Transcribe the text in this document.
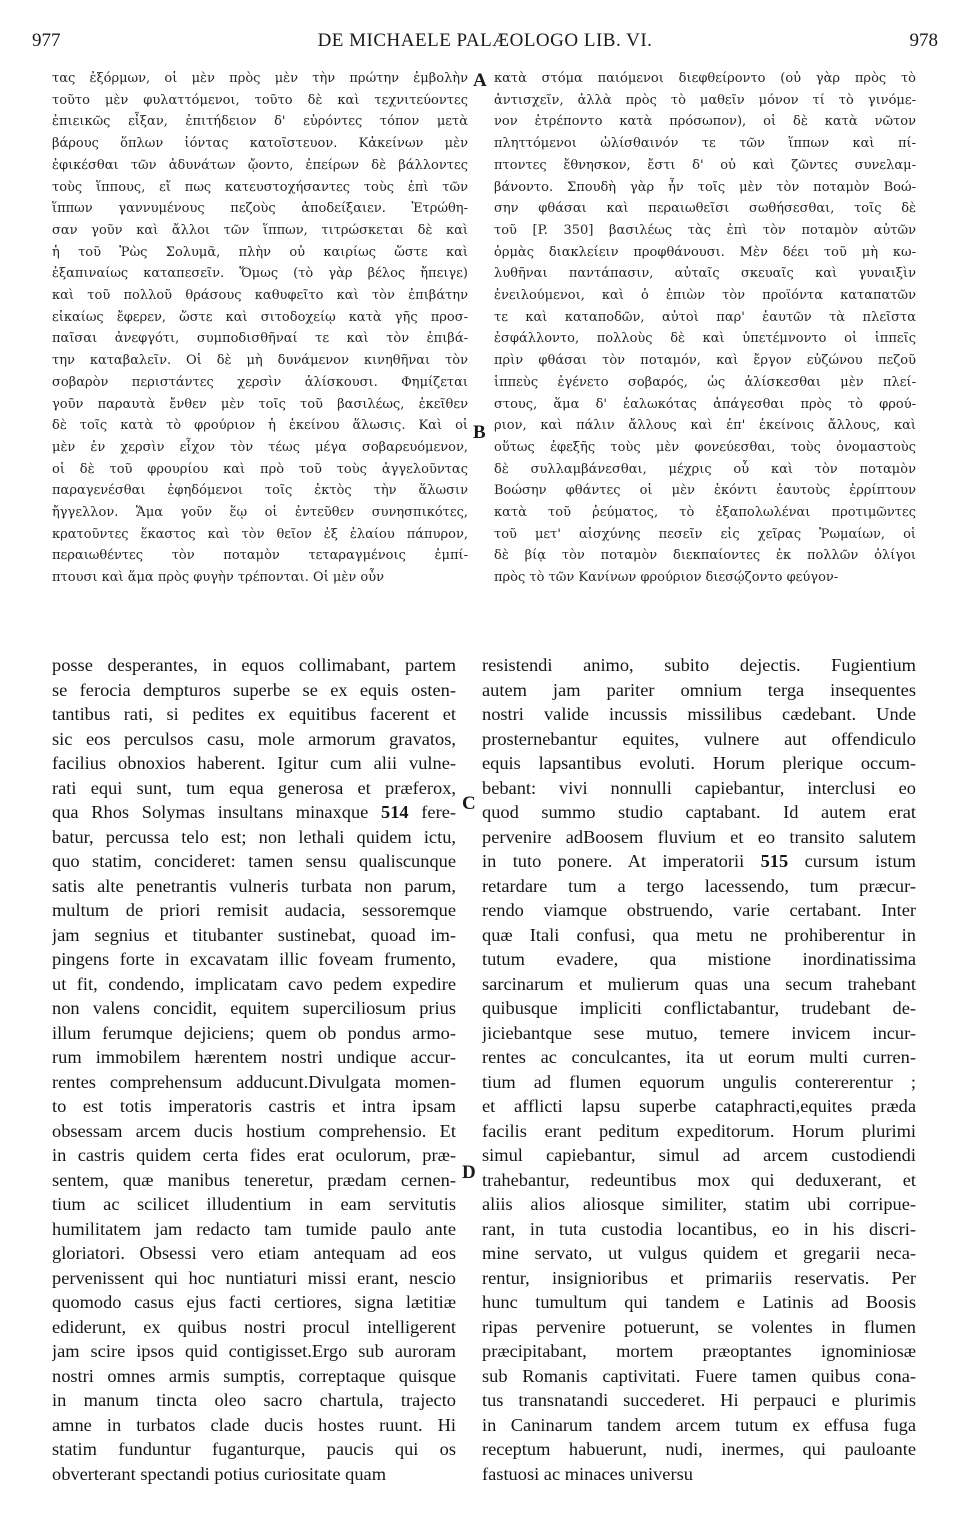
977	DE MICHAELE PALÆOLOGO LIB. VI.	978
τας ἐξόρμων, οἱ μὲν πρὸς μὲν τὴν πρώτην ἐμβολὴν
τοῦτο μὲν φυλαττόμενοι, τοῦτο δὲ καὶ τεχνιτεύοντες
ἐπιεικῶς εἶξαν, ἐπιτήδειον δ' εὑρόντες τόπον μετὰ
βάρους ὅπλων ἰόντας κατοῖστευον. Κἀκείνων μὲν
ἐφικέσθαι τῶν ἀδυνάτων ᾤοντο, ἐπείρων δὲ βάλλοντες
τοὺς ἵππους, εἴ πως κατευστοχήσαντες τοὺς ἐπὶ τῶν
ἵππων γαννυμένους πεζοὺς ἀποδείξαιεν. Ἐτρώθη-
σαν γοῦν καὶ ἄλλοι τῶν ἵππων, τιτρώσκεται δὲ καὶ
ἡ τοῦ Ῥὼς Σολυμᾶ, πλὴν οὐ καιρίως ὥστε καὶ
ἐξαπιναίως καταπεσεῖν. Ὅμως (τὸ γὰρ βέλος ἤπειγε)
καὶ τοῦ πολλοῦ θράσους καθυφεῖτο καὶ τὸν ἐπιβάτην
εἰκαίως ἔφερεν, ὥστε καὶ σιτοδοχείῳ κατὰ γῆς προσ-
παῖσαι ἀνεφγότι, συμποδισθῆναί τε καὶ τὸν ἐπιβά-
την καταβαλεῖν. Οἱ δὲ μὴ δυνάμενον κινηθῆναι τὸν
σοβαρὸν περιστάντες χερσὶν ἁλίσκουσι. Φημίζεται
γοῦν παραυτὰ ἔνθεν μὲν τοῖς τοῦ βασιλέως, ἐκεῖθεν
δὲ τοῖς κατὰ τὸ φρούριον ἡ ἐκείνου ἅλωσις. Καὶ οἱ
μὲν ἐν χερσὶν εἶχον τὸν τέως μέγα σοβαρευόμενον,
οἱ δὲ τοῦ φρουρίου καὶ πρὸ τοῦ τοὺς ἀγγελοῦντας
παραγενέσθαι ἐφηδόμενοι τοῖς ἐκτὸς τὴν ἅλωσιν
ἤγγελλον. Ἅμα γοῦν ἕῳ οἱ ἐντεῦθεν συνησπικότες,
κρατοῦντες ἕκαστος καὶ τὸν θεῖον ἐξ ἐλαίου πάπυρον,
περαιωθέντες τὸν ποταμὸν τεταραγμένοις ἐμπί-
πτουσι καὶ ἅμα πρὸς φυγὴν τρέπονται. Οἱ μὲν οὖν
κατὰ στόμα παιόμενοι διεφθείροντο (οὐ γὰρ πρὸς τὸ
ἀντισχεῖν, ἀλλὰ πρὸς τὸ μαθεῖν μόνον τί τὸ γινόμε-
νον ἐτρέποντο κατὰ πρόσωπον), οἱ δὲ κατὰ νῶτον
πληττόμενοι ὠλίσθαινόν τε τῶν ἵππων καὶ πί-
πτοντες ἔθνησκον, ἔστι δ' οὐ καὶ ζῶντες συνελαμ-
βάνοντο. Σπουδὴ γὰρ ἦν τοῖς μὲν τὸν ποταμὸν Βοώ-
σην φθάσαι καὶ περαιωθεῖσι σωθήσεσθαι, τοῖς δὲ
τοῦ [P. 350] βασιλέως τὰς ἐπὶ τὸν ποταμὸν αὐτῶν
ὁρμὰς διακλείειν προφθάνουσι. Μὲν δέει τοῦ μὴ κω-
λυθῆναι παντάπασιν, αὐταῖς σκευαῖς καὶ γυναιξὶν
ἐνειλούμενοι, καὶ ὁ ἐπιὼν τὸν προϊόντα καταπατῶν
τε καὶ καταποδῶν, αὐτοὶ παρ' ἑαυτῶν τὰ πλεῖστα
ἐσφάλλοντο, πολλοὺς δὲ καὶ ὑπετέμνοντο οἱ ἱππεῖς
πρὶν φθάσαι τὸν ποταμόν, καὶ ἔργον εὐζώνου πεζοῦ
ἱππεὺς ἐγένετο σοβαρός, ὡς ἁλίσκεσθαι μὲν πλεί-
στους, ἅμα δ' ἑαλωκότας ἀπάγεσθαι πρὸς τὸ φρού-
ριον, καὶ πάλιν ἄλλους καὶ ἐπ' ἐκείνοις ἄλλους, καὶ
οὕτως ἐφεξῆς τοὺς μὲν φονεύεσθαι, τοὺς ὀνομαστοὺς
δὲ συλλαμβάνεσθαι, μέχρις οὗ καὶ τὸν ποταμὸν
Βοώσην φθάντες οἱ μὲν ἑκόντι ἑαυτοὺς ἐρρίπτουν
κατὰ τοῦ ῥεύματος, τὸ ἐξαπολωλέναι προτιμῶντες
τοῦ μετ' αἰσχύνης πεσεῖν εἰς χεῖρας Ῥωμαίων, οἱ
δὲ βίᾳ τὸν ποταμὸν διεκπαίοντες ἐκ πολλῶν ὀλίγοι
πρὸς τὸ τῶν Κανίνων φρούριον διεσῴζοντο φεύγον-
posse desperantes, in equos collimabant, partem
se ferocia dempturos superbe se ex equis osten-
tantibus rati, si pedites ex equitibus facerent et
sic eos perculsos casu, mole armorum gravatos,
facilius obnoxios haberent. Igitur cum alii vulne-
rati equi sunt, tum equa generosa et præferox,
qua Rhos Solymas insultans minaxque 514 fere-
batur, percussa telo est; non lethali quidem ictu,
quo statim, concideret: tamen sensu qualiscunque
satis alte penetrantis vulneris turbata non parum,
multum de priori remisit audacia, sessoremque
jam segnius et titubanter sustinebat, quoad im-
pingens forte in excavatam illic foveam frumento,
ut fit, condendo, implicatam cavo pedem expedire
non valens concidit, equitem superciliosum prius
illum ferumque dejiciens; quem ob pondus armo-
rum immobilem hærentem nostri undique accur-
rentes comprehensum adducunt.Divulgata momen-
to est totis imperatoris castris et intra ipsam
obsessam arcem ducis hostium comprehensio. Et
in castris quidem certa fides erat oculorum, præ-
sentem, quæ manibus teneretur, prædam cernen-
tium ac scilicet illudentium in eam servitutis
humilitatem jam redacto tam tumide paulo ante
gloriatori. Obsessi vero etiam antequam ad eos
pervenissent qui hoc nuntiaturi missi erant, nescio
quomodo casus ejus facti certiores, signa lætitiæ
ediderunt, ex quibus nostri procul intelligerent
jam scire ipsos quid contigisset.Ergo sub auroram
nostri omnes armis sumptis, correptaque quisque
in manum tincta oleo sacro chartula, trajecto
amne in turbatos clade ducis hostes ruunt. Hi
statim funduntur fuganturque, paucis qui os
obverterant spectandi potius curiositate quam
resistendi animo, subito dejectis. Fugientium
autem jam pariter omnium terga insequentes
nostri valide incussis missilibus cædebant. Unde
prosternebantur equites, vulnere aut offendiculo
equis lapsantibus evoluti. Horum plerique occum-
bebant: vivi nonnulli capiebantur, interclusi eo
quod summo studio captabant. Id autem erat
pervenire adBoosem fluvium et eo transito salutem
in tuto ponere. At imperatorii 515 cursum istum
retardare tum a tergo lacessendo, tum præcur-
rendo viamque obstruendo, varie certabant. Inter
quæ Itali confusi, qua metu ne prohiberentur in
tutum evadere, qua mistione inordinatissima
sarcinarum et mulierum quas una secum trahebant
quibusque impliciti conflictabantur, trudebant de-
jiciebantque sese mutuo, temere invicem incur-
rentes ac conculcantes, ita ut eorum multi curren-
tium ad flumen equorum ungulis contererentur ;
et afflicti lapsu superbe cataphracti,equites præda
facilis erant peditum expeditorum. Horum plurimi
simul capiebantur, simul ad arcem custodiendi
trahebantur, redeuntibus mox qui deduxerant, et
aliis alios aliosque similiter, statim ubi corripue-
rant, in tuta custodia locantibus, eo in his discri-
mine servato, ut vulgus quidem et gregarii neca-
rentur, insignioribus et primariis reservatis. Per
hunc tumultum qui tandem e Latinis ad Boosis
ripas pervenire potuerunt, se volentes in flumen
præcipitabant, mortem præoptantes ignominiosæ
sub Romanis captivitati. Fuere tamen quibus cona-
tus transnatandi succederet. Hi perpauci e plurimis
in Caninarum tandem arcem tutum ex effusa fuga
receptum habuerunt, nudi, inermes, qui pauloante
fastuosi ac minaces universu
A
B
C
D
